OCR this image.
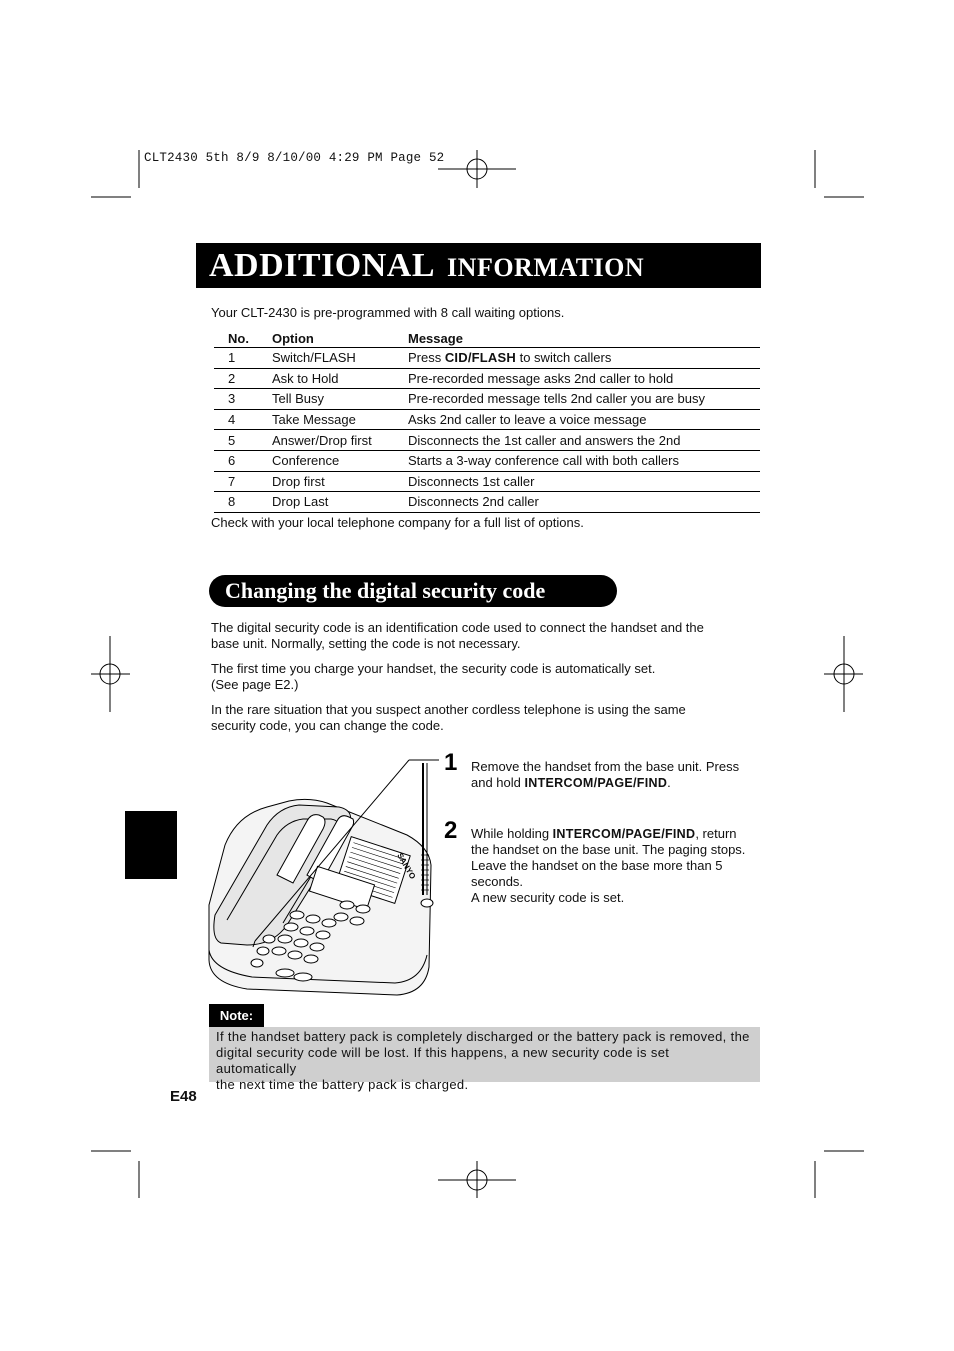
CLT2430 5th 8/9 8/10/00 4:29 PM Page 52
ADDITIONAL INFORMATION
Your CLT-2430 is pre-programmed with 8 call waiting options.
No.	Option	Message
1	Switch/FLASH	Press CID/FLASH to switch callers
2	Ask to Hold	Pre-recorded message asks 2nd caller to hold
3	Tell Busy	Pre-recorded message tells 2nd caller you are busy
4	Take Message	Asks 2nd caller to leave a voice message
5	Answer/Drop first	Disconnects the 1st caller and answers the 2nd
6	Conference	Starts a 3-way conference call with both callers
7	Drop first	Disconnects 1st caller
8	Drop Last	Disconnects 2nd caller
Check with your local telephone company for a full list of options.
Changing the digital security code
The digital security code is an identification code used to connect the handset and the
base unit. Normally, setting the code is not necessary.
The first time you charge your handset, the security code is automatically set.
(See page E2.)
In the rare situation that you suspect another cordless telephone is using the same
security code, you can change the code.
SANYO
1 Remove the handset from the base unit. Press
and hold INTERCOM/PAGE/FIND.
2 While holding INTERCOM/PAGE/FIND, return
the handset on the base unit. The paging stops.
Leave the handset on the base more than 5
seconds.
A new security code is set.
Note:
If the handset battery pack is completely discharged or the battery pack is removed, the
digital security code will be lost. If this happens, a new security code is set automatically
the next time the battery pack is charged.
E48
